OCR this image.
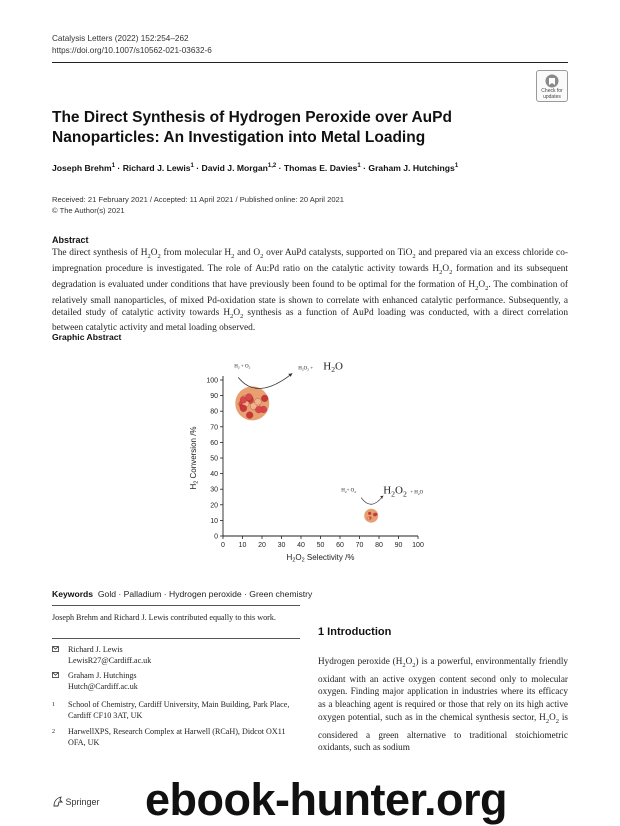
Catalysis Letters (2022) 152:254–262
https://doi.org/10.1007/s10562-021-03632-6
Check for
updates
The Direct Synthesis of Hydrogen Peroxide over AuPd Nanoparticles: An Investigation into Metal Loading
Joseph Brehm$^1$ · Richard J. Lewis$^1$ · David J. Morgan$^{1,2}$ · Thomas E. Davies$^1$ · Graham J. Hutchings$^1$
Received: 21 February 2021 / Accepted: 11 April 2021 / Published online: 20 April 2021
© The Author(s) 2021
Abstract
The direct synthesis of $H_2O_2$ from molecular $H_2$ and $O_2$ over AuPd catalysts, supported on TiO$_2$ and prepared via an excess chloride co-impregnation procedure is investigated. The role of Au:Pd ratio on the catalytic activity towards $H_2O_2$ formation and its subsequent degradation is evaluated under conditions that have previously been found to be optimal for the formation of $H_2O_2$. The combination of relatively small nanoparticles, of mixed Pd-oxidation state is shown to correlate with enhanced catalytic performance. Subsequently, a detailed study of catalytic activity towards $H_2O_2$ synthesis as a function of AuPd loading was conducted, with a direct correlation between catalytic activity and metal loading observed.
Graphic Abstract
0
10
20
30
40
50
60
70
80
90
100
0 10 20 30 40 50 60 70 80 90 100
H2O2 Selectivity /%
H2 Conversion /%
$H_2 + O_2$	$H_2O_2 + H_2O$
$H_2+ O_2$ $H_2O_2 + H_2O$
Keywords Gold · Palladium · Hydrogen peroxide · Green chemistry
Joseph Brehm and Richard J. Lewis contributed equally to this work.
Richard J. Lewis
LewisR27@Cardiff.ac.uk
Graham J. Hutchings
Hutch@Cardiff.ac.uk
1 School of Chemistry, Cardiff University, Main Building, Park Place, Cardiff CF10 3AT, UK
2 HarwellXPS, Research Complex at Harwell (RCaH), Didcot OX11 OFA, UK
1 Introduction
Hydrogen peroxide $(H_2O_2)$ is a powerful, environmentally friendly oxidant with an active oxygen content second only to molecular oxygen. Finding major application in industries where its efficacy as a bleaching agent is required or those that rely on its high active oxygen potential, such as in the chemical synthesis sector, $H_2O_2$ is considered a green alternative to traditional stoichiometric oxidants, such as sodium
Springer ebook-hunter.org
